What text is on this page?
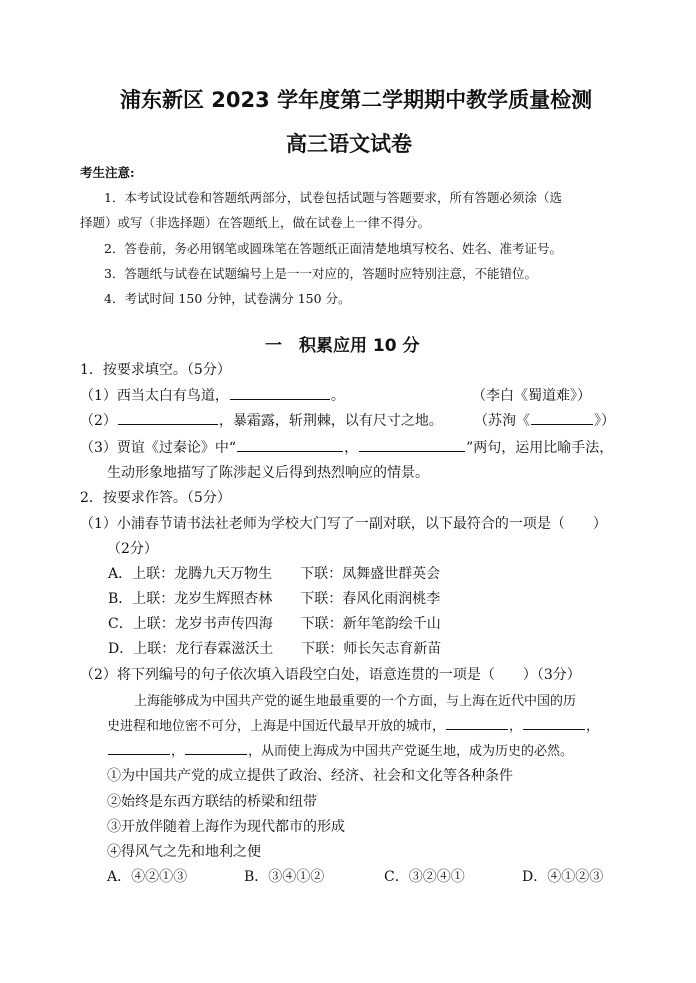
浦东新区 2023 学年度第二学期期中教学质量检测
高三语文试卷
考生注意:
1．本考试设试卷和答题纸两部分，试卷包括试题与答题要求，所有答题必须涂（选
择题）或写（非选择题）在答题纸上，做在试卷上一律不得分。
2．答卷前，务必用钢笔或圆珠笔在答题纸正面清楚地填写校名、姓名、准考证号。
3．答题纸与试卷在试题编号上是一一对应的，答题时应特别注意，不能错位。
4．考试时间 150 分钟，试卷满分 150 分。
一　积累应用 10 分
1．按要求填空。（5分）
（1）西当太白有鸟道，	。	（李白《蜀道难》）
（2）	，暴霜露，斩荆棘，以有尺寸之地。 （苏洵《	》）
（3）贾谊《过秦论》中“	，	”两句，运用比喻手法，
生动形象地描写了陈涉起义后得到热烈响应的情景。
2．按要求作答。（5分）
（1）小浦春节请书法社老师为学校大门写了一副对联，以下最符合的一项是（　　）
（2分）
A．上联：龙腾九天万物生　　下联：凤舞盛世群英会
B．上联：龙岁生辉照杏林　　下联：春风化雨润桃李
C．上联：龙岁书声传四海　　下联：新年笔韵绘千山
D．上联：龙行春霖滋沃土　　下联：师长矢志育新苗
（2）将下列编号的句子依次填入语段空白处，语意连贯的一项是（　　）（3分）
上海能够成为中国共产党的诞生地最重要的一个方面，与上海在近代中国的历
史进程和地位密不可分，上海是中国近代最早开放的城市，	，	，
，	，从而使上海成为中国共产党诞生地，成为历史的必然。
①为中国共产党的成立提供了政治、经济、社会和文化等各种条件
②始终是东西方联结的桥梁和纽带
③开放伴随着上海作为现代都市的形成
④得风气之先和地利之便
A．④②①③	B．③④①②	C．③②④①	D．④①②③
